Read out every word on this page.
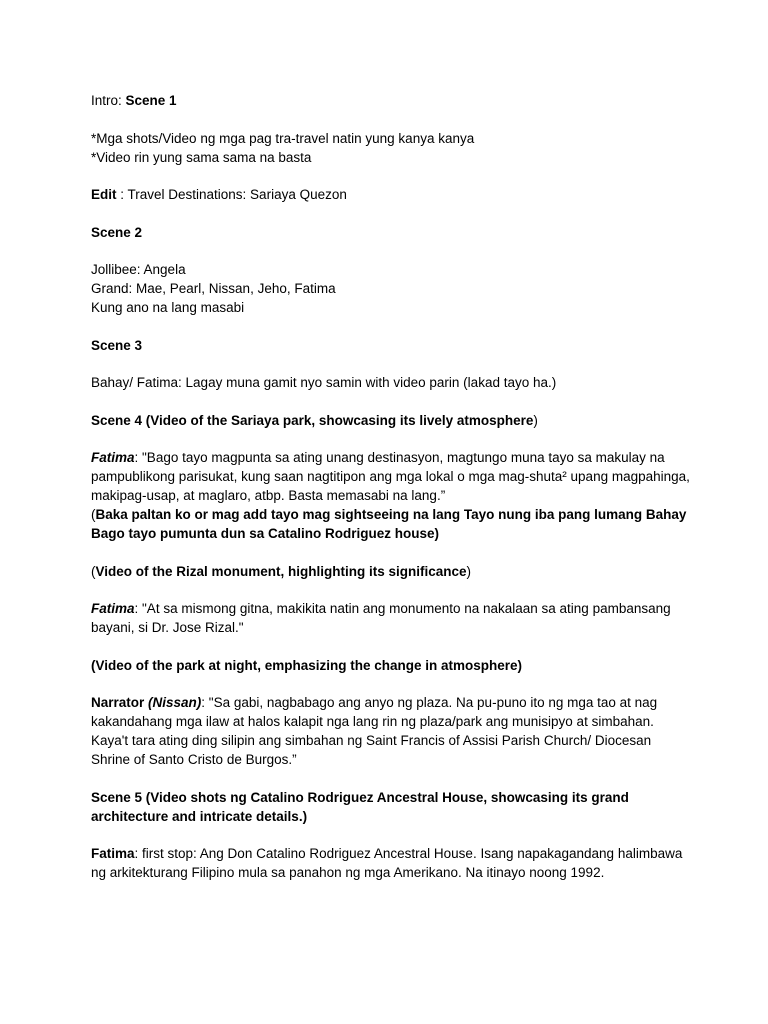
Intro: Scene 1

*Mga shots/Video ng mga pag tra-travel natin yung kanya kanya

*Video rin yung sama sama na basta

Edit : Travel Destinations: Sariaya Quezon

Scene 2

Jollibee: Angela

Grand: Mae, Pearl, Nissan, Jeho, Fatima

Kung ano na lang masabi

Scene 3

Bahay/ Fatima: Lagay muna gamit nyo samin with video parin (lakad tayo ha.)

Scene 4 (Video of the Sariaya park, showcasing its lively atmosphere)

Fatima: "Bago tayo magpunta sa ating unang destinasyon, magtungo muna tayo sa makulay na pampublikong parisukat, kung saan nagtitipon ang mga lokal o mga mag-shuta² upang magpahinga, makipag-usap, at maglaro, atbp. Basta memasabi na lang.”

(Baka paltan ko or mag add tayo mag sightseeing na lang Tayo nung iba pang lumang Bahay Bago tayo pumunta dun sa Catalino Rodriguez house)

(Video of the Rizal monument, highlighting its significance)

Fatima: "At sa mismong gitna, makikita natin ang monumento na nakalaan sa ating pambansang bayani, si Dr. Jose Rizal."

(Video of the park at night, emphasizing the change in atmosphere)

Narrator (Nissan): "Sa gabi, nagbabago ang anyo ng plaza. Na pu-puno ito ng mga tao at nag kakandahang mga ilaw at halos kalapit nga lang rin ng plaza/park ang munisipyo at simbahan. Kaya't tara ating ding silipin ang simbahan ng Saint Francis of Assisi Parish Church/ Diocesan Shrine of Santo Cristo de Burgos.”

Scene 5 (Video shots ng Catalino Rodriguez Ancestral House, showcasing its grand architecture and intricate details.)

Fatima: first stop: Ang Don Catalino Rodriguez Ancestral House. Isang napakagandang halimbawa ng arkitekturang Filipino mula sa panahon ng mga Amerikano. Na itinayo noong 1992.
